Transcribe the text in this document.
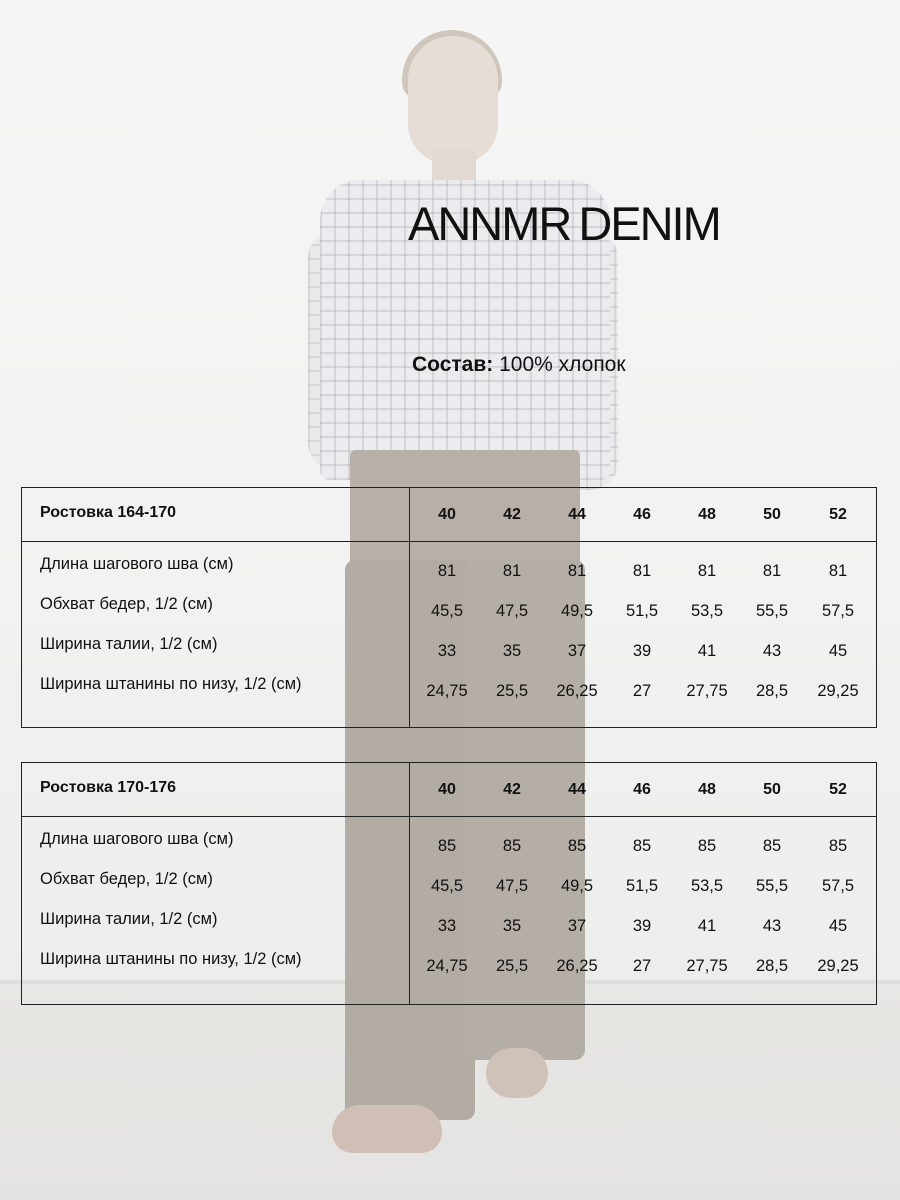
ANNMR DENIM
Состав: 100% хлопок
Ростовка 164-170	40	42	44	46	48	50	52
Длина шагового шва (см)	81	81	81	81	81	81	81
Обхват бедер, 1/2 (см)	45,5	47,5	49,5	51,5	53,5	55,5	57,5
Ширина талии, 1/2 (см)	33	35	37	39	41	43	45
Ширина штанины по низу, 1/2 (см)	24,75	25,5	26,25	27	27,75	28,5	29,25
Ростовка 170-176	40	42	44	46	48	50	52
Длина шагового шва (см)	85	85	85	85	85	85	85
Обхват бедер, 1/2 (см)	45,5	47,5	49,5	51,5	53,5	55,5	57,5
Ширина талии, 1/2 (см)	33	35	37	39	41	43	45
Ширина штанины по низу, 1/2 (см)	24,75	25,5	26,25	27	27,75	28,5	29,25
